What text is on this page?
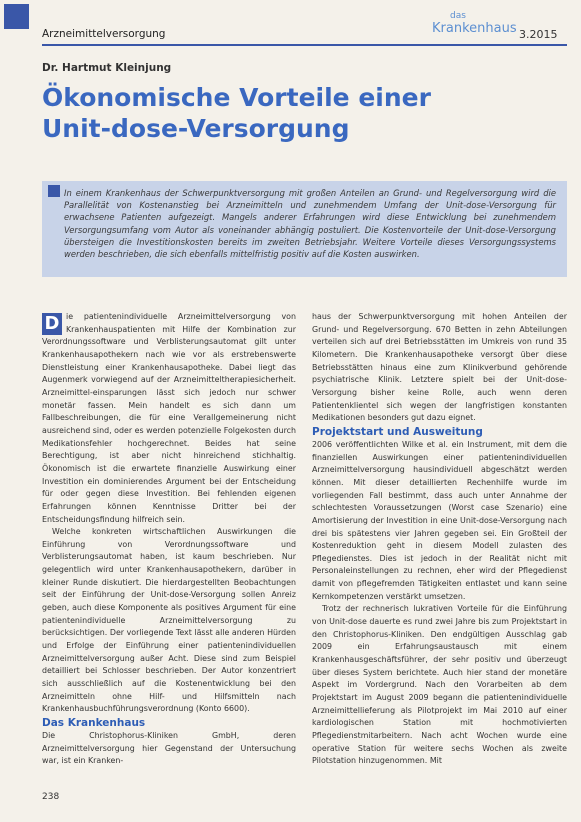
Arzneimittelversorgung
das
Krankenhaus 3.2015
Dr. Hartmut Kleinjung
Ökonomische Vorteile einer
Unit-dose-Versorgung

In einem Krankenhaus der Schwerpunktversorgung mit großen Anteilen an Grund- und Regelversorgung wird die Parallelität von Kostenanstieg bei Arzneimitteln und zunehmendem Umfang der Unit-dose-Versorgung für erwachsene Patienten aufgezeigt. Mangels anderer Erfahrungen wird diese Entwicklung bei zunehmendem Versorgungsumfang vom Autor als voneinander abhängig postuliert. Die Kostenvorteile der Unit-dose-Versorgung übersteigen die Investitionskosten bereits im zweiten Betriebsjahr. Weitere Vorteile dieses Versorgungssystems werden beschrieben, die sich ebenfalls mittelfristig positiv auf die Kosten auswirken.

D ie patientenindividuelle Arzneimittelversorgung von Krankenhauspatienten mit Hilfe der Kombination zur Verordnungssoftware und Verblisterungsautomat gilt unter Krankenhausapothekern nach wie vor als erstrebenswerte Dienstleistung einer Krankenhausapotheke. Dabei liegt das Augenmerk vorwiegend auf der Arzneimitteltherapiesicherheit. Arzneimittel-einsparungen lässt sich jedoch nur schwer monetär fassen. Mein handelt es sich dann um Fallbeschreibungen, die für eine Verallgemeinerung nicht ausreichend sind, oder es werden potenzielle Folgekosten durch Medikationsfehler hochgerechnet. Beides hat seine Berechtigung, ist aber nicht hinreichend stichhaltig. Ökonomisch ist die erwartete finanzielle Auswirkung einer Investition ein dominierendes Argument bei der Entscheidung für oder gegen diese Investition. Bei fehlenden eigenen Erfahrungen können Kenntnisse Dritter bei der Entscheidungsfindung hilfreich sein.

Welche konkreten wirtschaftlichen Auswirkungen die Einführung von Verordnungssoftware und Verblisterungsautomat haben, ist kaum beschrieben. Nur gelegentlich wird unter Krankenhausapothekern, darüber in kleiner Runde diskutiert. Die hierdargestellten Beobachtungen seit der Einführung der Unit-dose-Versorgung sollen Anreiz geben, auch diese Komponente als positives Argument für eine patientenindividuelle Arzneimittelversorgung zu berücksichtigen. Der vorliegende Text lässt alle anderen Hürden und Erfolge der Einführung einer patientenindividuellen Arzneimittelversorgung außer Acht. Diese sind zum Beispiel detailliert bei Schlosser beschrieben. Der Autor konzentriert sich ausschließlich auf die Kostenentwicklung bei den Arzneimitteln ohne Hilf- und Hilfsmitteln nach Krankenhausbuchführungsverordnung (Konto 6600).

Das Krankenhaus

Die Christophorus-Kliniken GmbH, deren Arzneimittelversorgung hier Gegenstand der Untersuchung war, ist ein Kranken-

haus der Schwerpunktversorgung mit hohen Anteilen der Grund- und Regelversorgung. 670 Betten in zehn Abteilungen verteilen sich auf drei Betriebsstätten im Umkreis von rund 35 Kilometern. Die Krankenhausapotheke versorgt über diese Betriebsstätten hinaus eine zum Klinikverbund gehörende psychiatrische Klinik. Letztere spielt bei der Unit-dose-Versorgung bisher keine Rolle, auch wenn deren Patientenklientel sich wegen der langfristigen konstanten Medikationen besonders gut dazu eignet.

Projektstart und Ausweitung

2006 veröffentlichten Wilke et al. ein Instrument, mit dem die finanziellen Auswirkungen einer patientenindividuellen Arzneimittelversorgung hausindividuell abgeschätzt werden können. Mit dieser detaillierten Rechenhilfe wurde im vorliegenden Fall bestimmt, dass auch unter Annahme der schlechtesten Voraussetzungen (Worst case Szenario) eine Amortisierung der Investition in eine Unit-dose-Versorgung nach drei bis spätestens vier Jahren gegeben sei. Ein Großteil der Kostenreduktion geht in diesem Modell zulasten des Pflegedienstes. Dies ist jedoch in der Realität nicht mit Personaleinstellungen zu rechnen, eher wird der Pflegedienst damit von pflegefremden Tätigkeiten entlastet und kann seine Kernkompetenzen verstärkt umsetzen.

Trotz der rechnerisch lukrativen Vorteile für die Einführung von Unit-dose dauerte es rund zwei Jahre bis zum Projektstart in den Christophorus-Kliniken. Den endgültigen Ausschlag gab 2009 ein Erfahrungsaustausch mit einem Krankenhausgeschäftsführer, der sehr positiv und überzeugt über dieses System berichtete. Auch hier stand der monetäre Aspekt im Vordergrund. Nach den Vorarbeiten ab dem Projektstart im August 2009 begann die patientenindividuelle Arzneimittellieferung als Pilotprojekt im Mai 2010 auf einer kardiologischen Station mit hochmotivierten Pflegedienstmitarbeitern. Nach acht Wochen wurde eine operative Station für weitere sechs Wochen als zweite Pilotstation hinzugenommen. Mit

238
